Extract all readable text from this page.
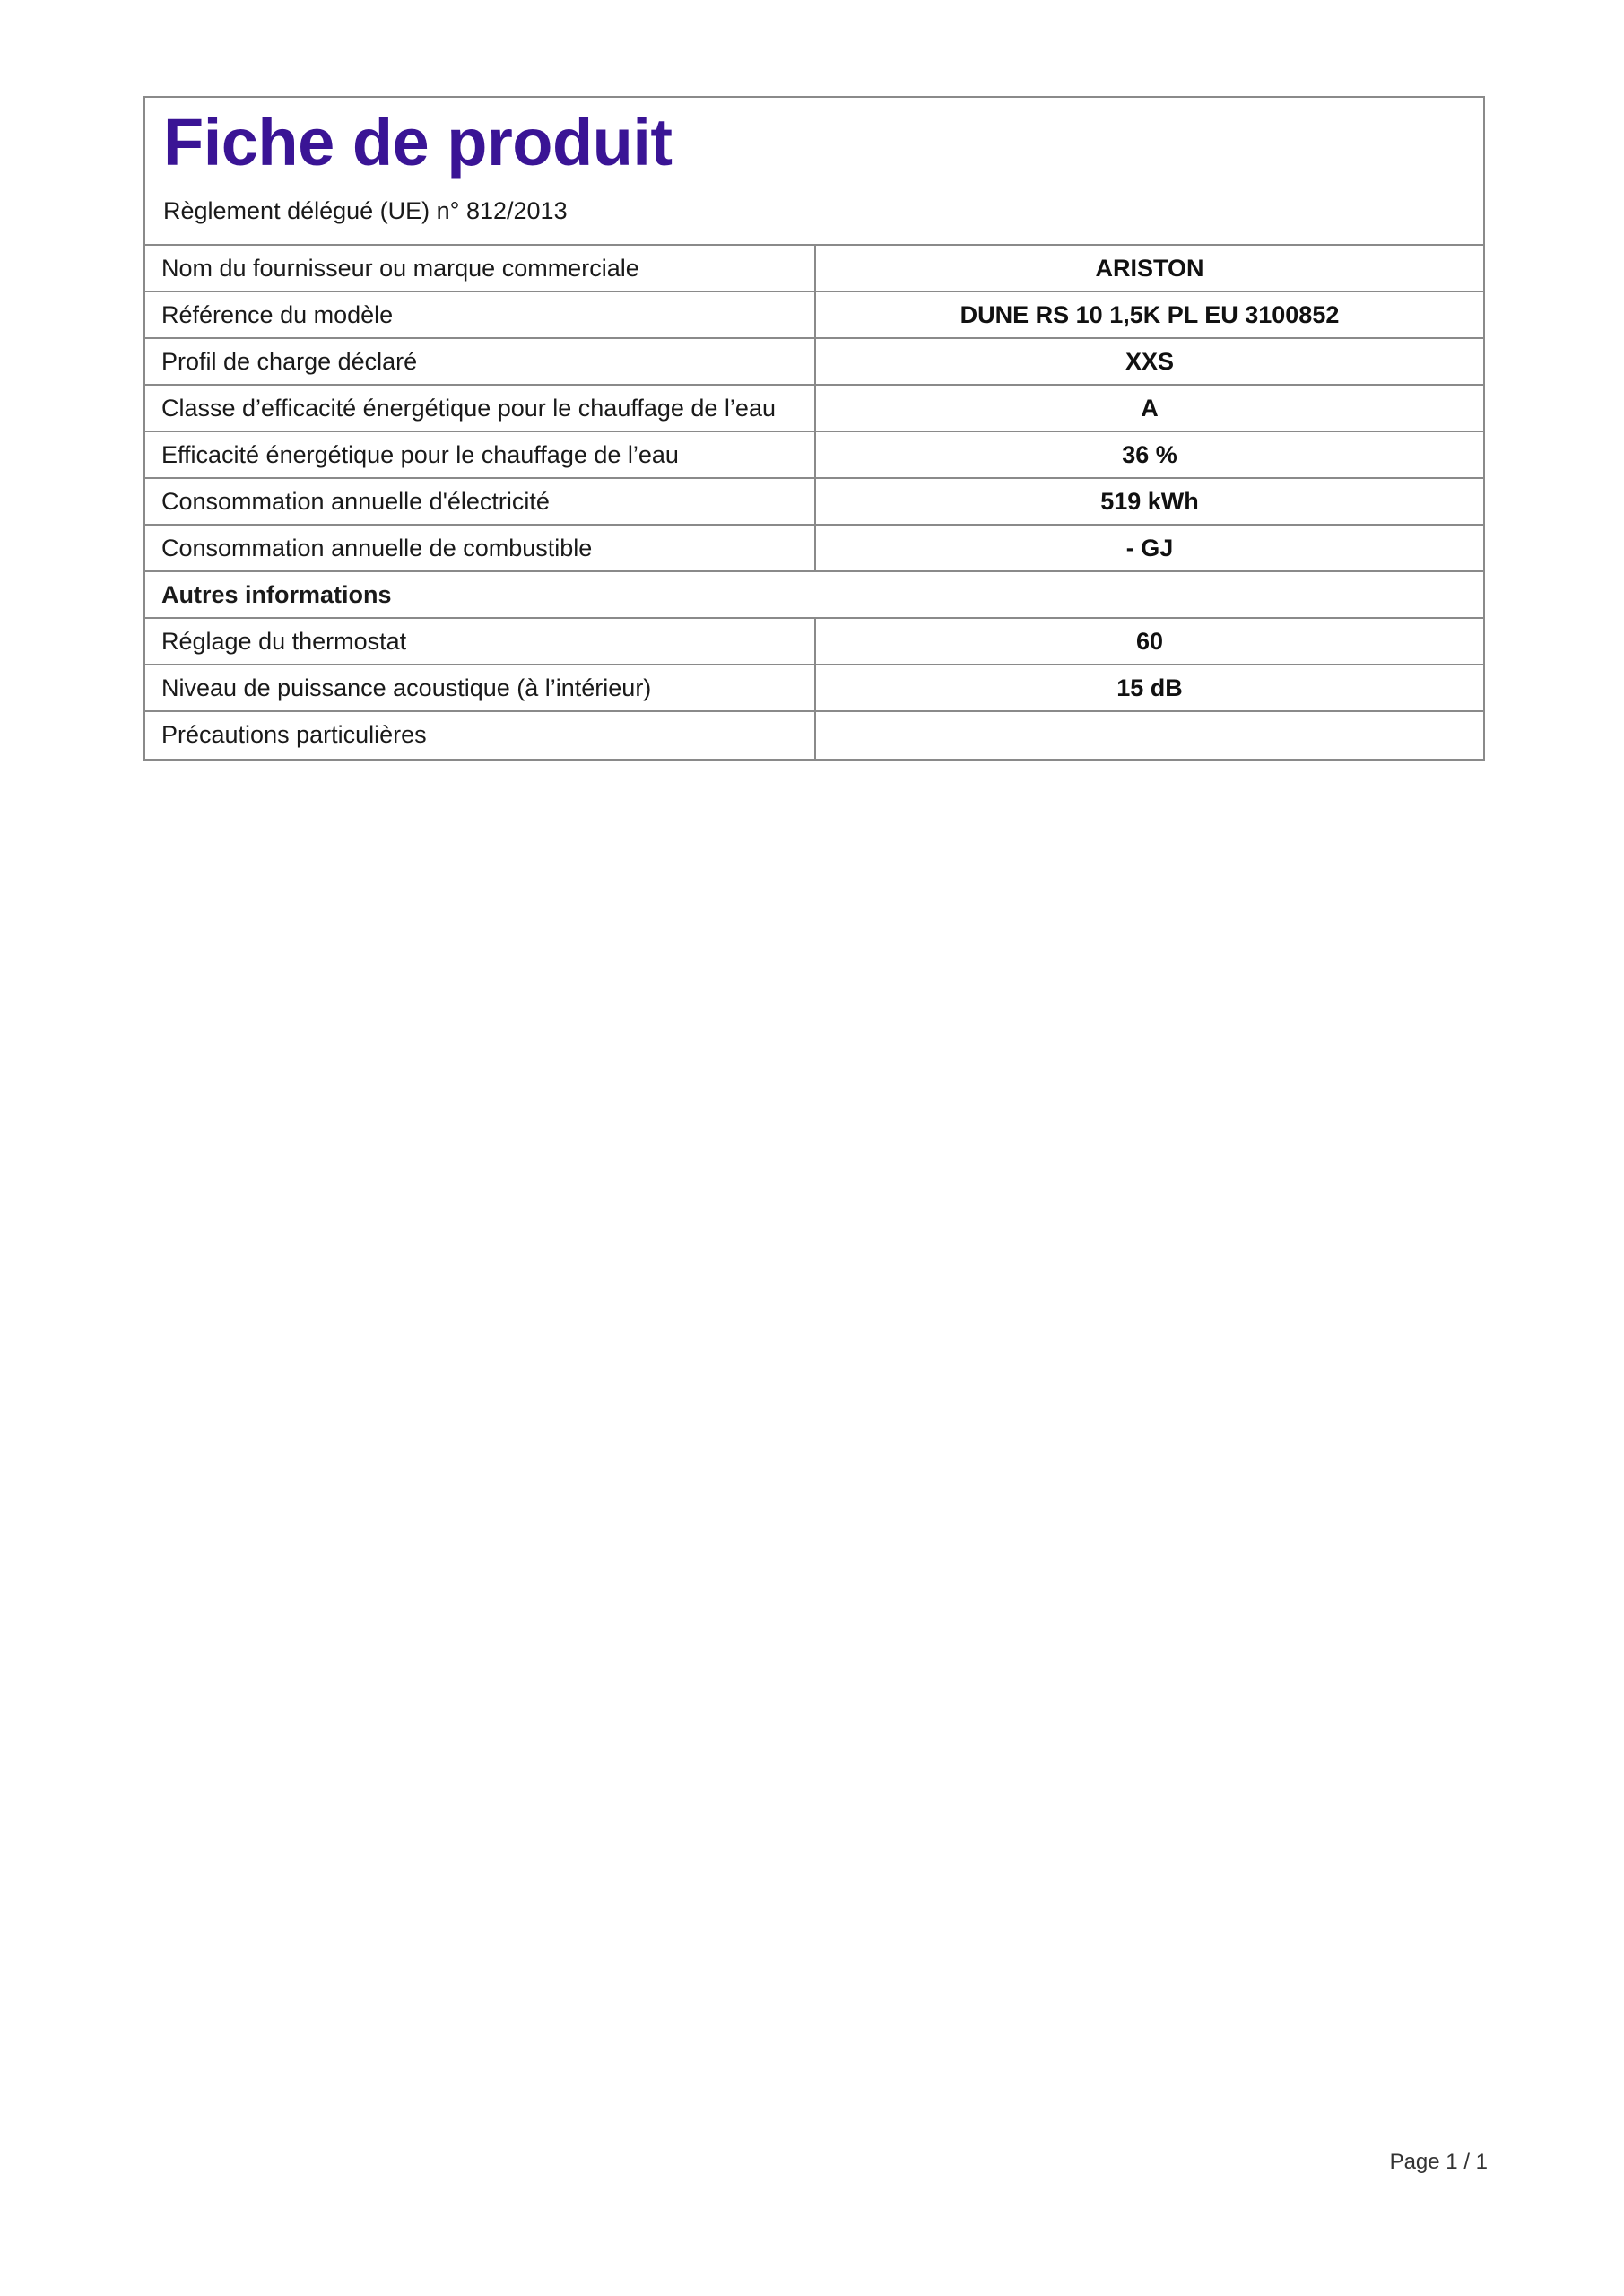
Fiche de produit
Règlement délégué (UE) n° 812/2013
Nom du fournisseur ou marque commerciale	ARISTON
Référence du modèle	DUNE RS 10 1,5K PL EU 3100852
Profil de charge déclaré	XXS
Classe d’efficacité énergétique pour le chauffage de l’eau	A
Efficacité énergétique pour le chauffage de l’eau	36 %
Consommation annuelle d'électricité	519 kWh
Consommation annuelle de combustible	- GJ
Autres informations
Réglage du thermostat	60
Niveau de puissance acoustique (à l’intérieur)	15 dB
Précautions particulières
Page 1 / 1
